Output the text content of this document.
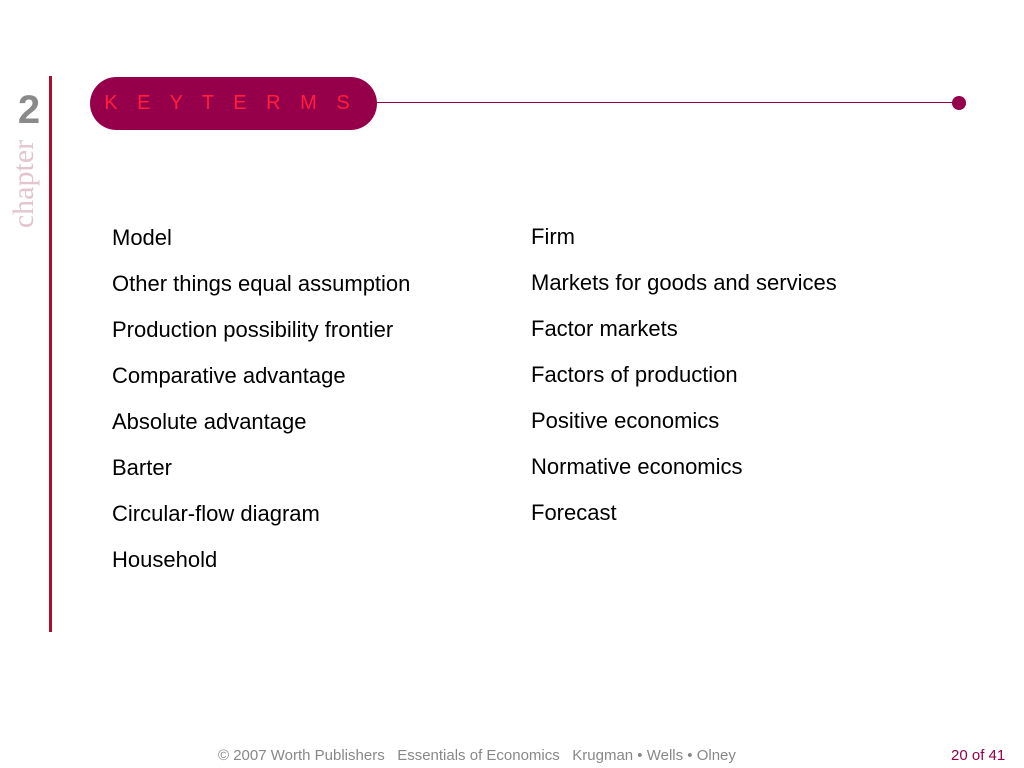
chapter
2	K E Y T E R M S
Model
Other things equal assumption
Production possibility frontier
Comparative advantage
Absolute advantage
Barter
Circular-flow diagram
Household
Firm
Markets for goods and services
Factor markets
Factors of production
Positive economics
Normative economics
Forecast
© 2007 Worth Publishers   Essentials of Economics   Krugman • Wells • Olney	20 of 41
